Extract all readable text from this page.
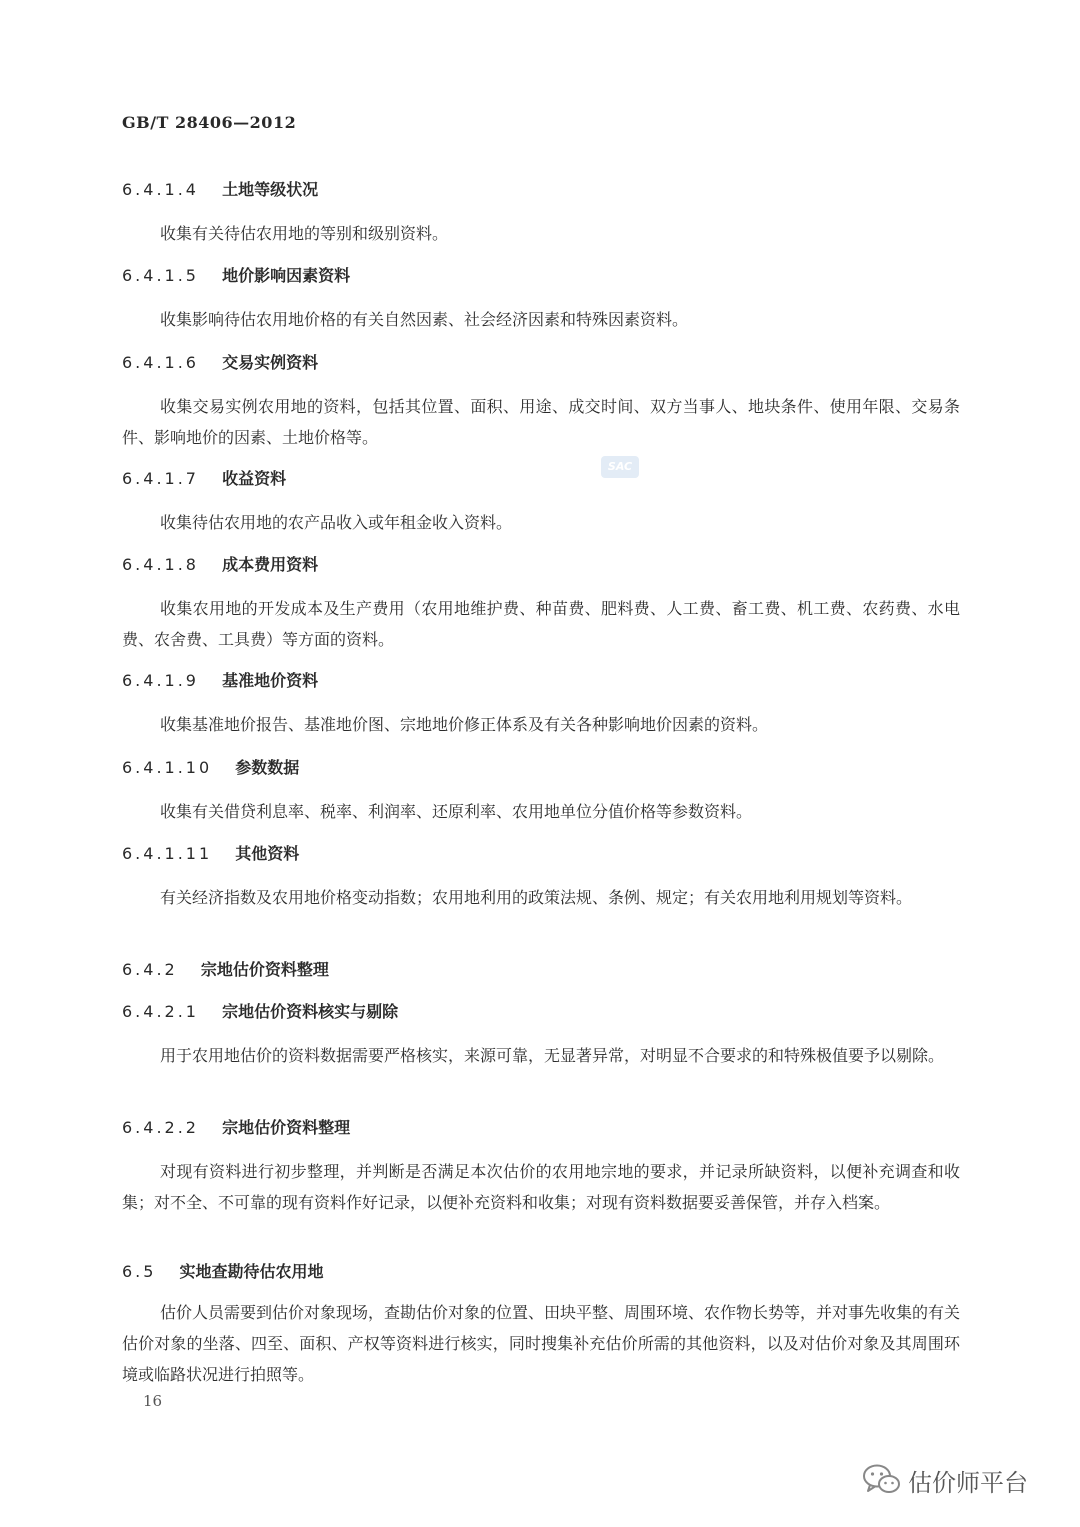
GB/T 28406—2012
SAC
6.4.1.4 土地等级状况
收集有关待估农用地的等别和级别资料。
6.4.1.5 地价影响因素资料
收集影响待估农用地价格的有关自然因素、社会经济因素和特殊因素资料。
6.4.1.6 交易实例资料
收集交易实例农用地的资料，包括其位置、面积、用途、成交时间、双方当事人、地块条件、使用年限、交易条件、影响地价的因素、土地价格等。
6.4.1.7 收益资料
收集待估农用地的农产品收入或年租金收入资料。
6.4.1.8 成本费用资料
收集农用地的开发成本及生产费用（农用地维护费、种苗费、肥料费、人工费、畜工费、机工费、农药费、水电费、农舍费、工具费）等方面的资料。
6.4.1.9 基准地价资料
收集基准地价报告、基准地价图、宗地地价修正体系及有关各种影响地价因素的资料。
6.4.1.10 参数数据
收集有关借贷利息率、税率、利润率、还原利率、农用地单位分值价格等参数资料。
6.4.1.11 其他资料
有关经济指数及农用地价格变动指数；农用地利用的政策法规、条例、规定；有关农用地利用规划等资料。
6.4.2 宗地估价资料整理
6.4.2.1 宗地估价资料核实与剔除
用于农用地估价的资料数据需要严格核实，来源可靠，无显著异常，对明显不合要求的和特殊极值要予以剔除。
6.4.2.2 宗地估价资料整理
对现有资料进行初步整理，并判断是否满足本次估价的农用地宗地的要求，并记录所缺资料，以便补充调查和收集；对不全、不可靠的现有资料作好记录，以便补充资料和收集；对现有资料数据要妥善保管，并存入档案。
6.5 实地查勘待估农用地
估价人员需要到估价对象现场，查勘估价对象的位置、田块平整、周围环境、农作物长势等，并对事先收集的有关估价对象的坐落、四至、面积、产权等资料进行核实，同时搜集补充估价所需的其他资料，以及对估价对象及其周围环境或临路状况进行拍照等。
16
估价师平台
